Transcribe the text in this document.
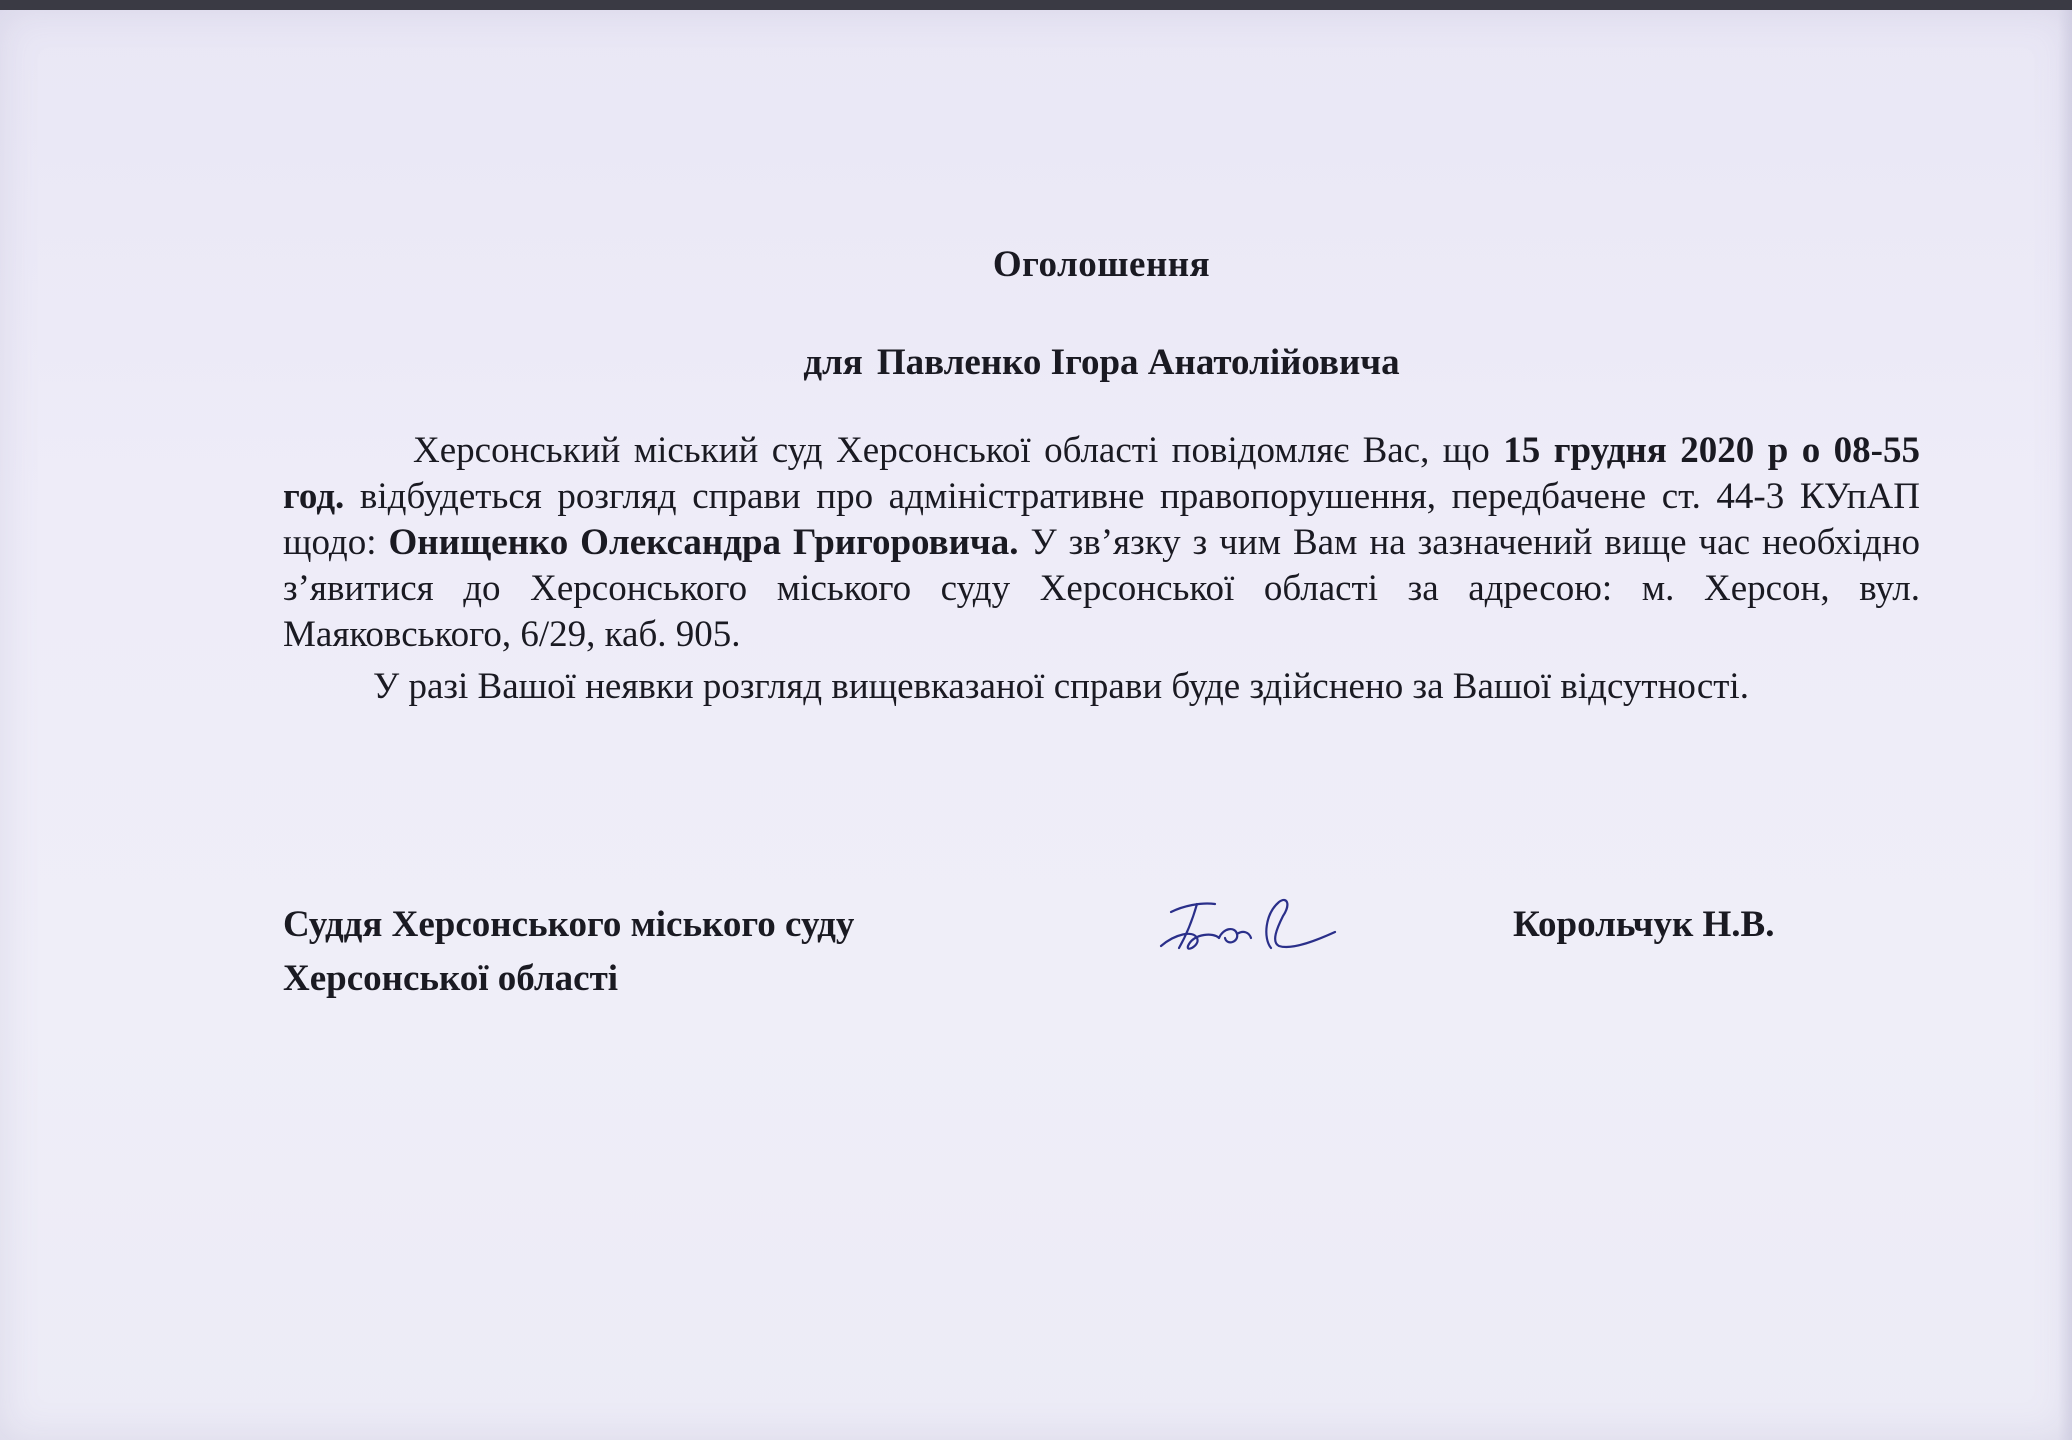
Оголошення
для Павленко Ігора Анатолійовича

Херсонський міський суд Херсонської області повідомляє Вас, що 15 грудня 2020 р о 08-55 год. відбудеться розгляд справи про адміністративне правопорушення, передбачене ст. 44-3 КУпАП щодо: Онищенко Олександра Григоровича. У зв’язку з чим Вам на зазначений вище час необхідно з’явитися до Херсонського міського суду Херсонської області за адресою: м. Херсон, вул. Маяковського, 6/29, каб. 905.

У разі Вашої неявки розгляд вищевказаної справи буде здійснено за Вашої відсутності.

Суддя Херсонського міського суду
Херсонської області
Корольчук Н.В.
